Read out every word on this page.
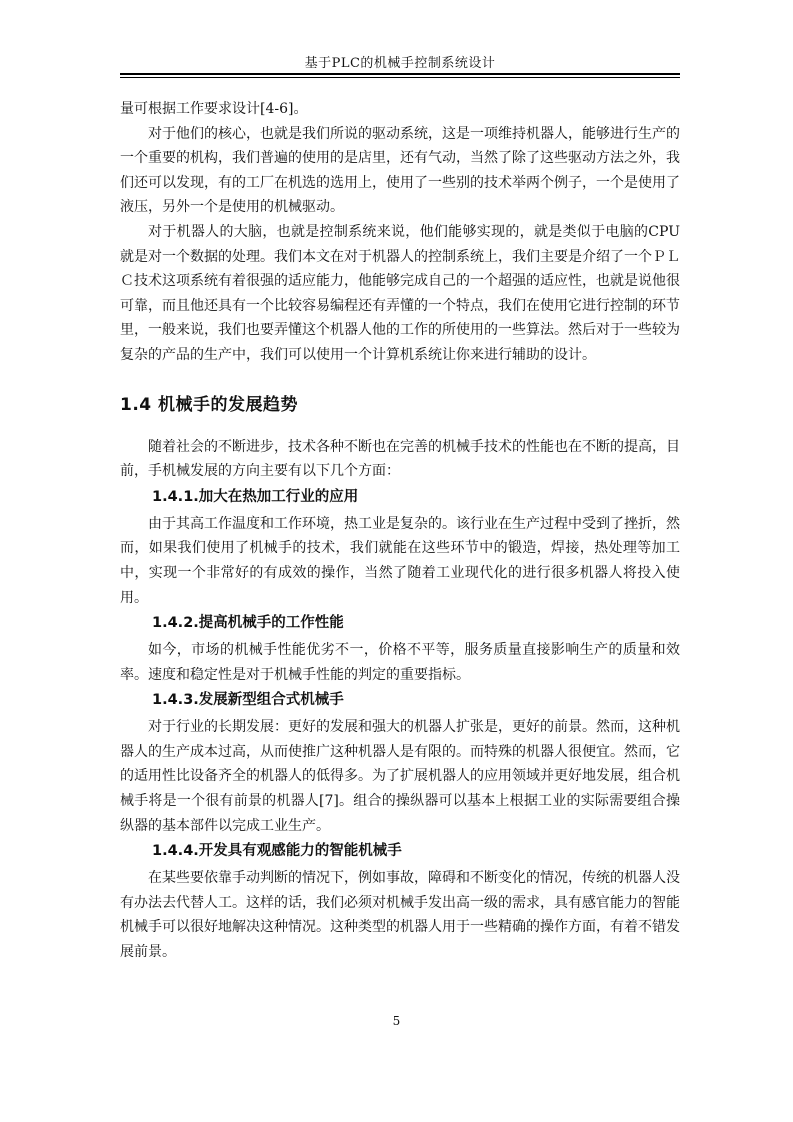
基于PLC的机械手控制系统设计

量可根据工作要求设计[4-6]。

对于他们的核心，也就是我们所说的驱动系统，这是一项维持机器人，能够进行生产的一个重要的机构，我们普遍的使用的是店里，还有气动，当然了除了这些驱动方法之外，我们还可以发现，有的工厂在机选的选用上，使用了一些别的技术举两个例子，一个是使用了液压，另外一个是使用的机械驱动。

对于机器人的大脑，也就是控制系统来说，他们能够实现的，就是类似于电脑的CPU就是对一个数据的处理。我们本文在对于机器人的控制系统上，我们主要是介绍了一个ＰＬＣ技术这项系统有着很强的适应能力，他能够完成自己的一个超强的适应性，也就是说他很可靠，而且他还具有一个比较容易编程还有弄懂的一个特点，我们在使用它进行控制的环节里，一般来说，我们也要弄懂这个机器人他的工作的所使用的一些算法。然后对于一些较为复杂的产品的生产中，我们可以使用一个计算机系统让你来进行辅助的设计。

1.4 机械手的发展趋势

随着社会的不断进步，技术各种不断也在完善的机械手技术的性能也在不断的提高，目前，手机械发展的方向主要有以下几个方面：

1.4.1.加大在热加工行业的应用

由于其高工作温度和工作环境，热工业是复杂的。该行业在生产过程中受到了挫折，然而，如果我们使用了机械手的技术，我们就能在这些环节中的锻造，焊接，热处理等加工中，实现一个非常好的有成效的操作，当然了随着工业现代化的进行很多机器人将投入使用。

1.4.2.提高机械手的工作性能

如今，市场的机械手性能优劣不一，价格不平等，服务质量直接影响生产的质量和效率。速度和稳定性是对于机械手性能的判定的重要指标。

1.4.3.发展新型组合式机械手

对于行业的长期发展：更好的发展和强大的机器人扩张是，更好的前景。然而，这种机器人的生产成本过高，从而使推广这种机器人是有限的。而特殊的机器人很便宜。然而，它的适用性比设备齐全的机器人的低得多。为了扩展机器人的应用领域并更好地发展，组合机械手将是一个很有前景的机器人[7]。组合的操纵器可以基本上根据工业的实际需要组合操纵器的基本部件以完成工业生产。

1.4.4.开发具有观感能力的智能机械手

在某些要依靠手动判断的情况下，例如事故，障碍和不断变化的情况，传统的机器人没有办法去代替人工。这样的话，我们必须对机械手发出高一级的需求，具有感官能力的智能机械手可以很好地解决这种情况。这种类型的机器人用于一些精确的操作方面，有着不错发展前景。

5
